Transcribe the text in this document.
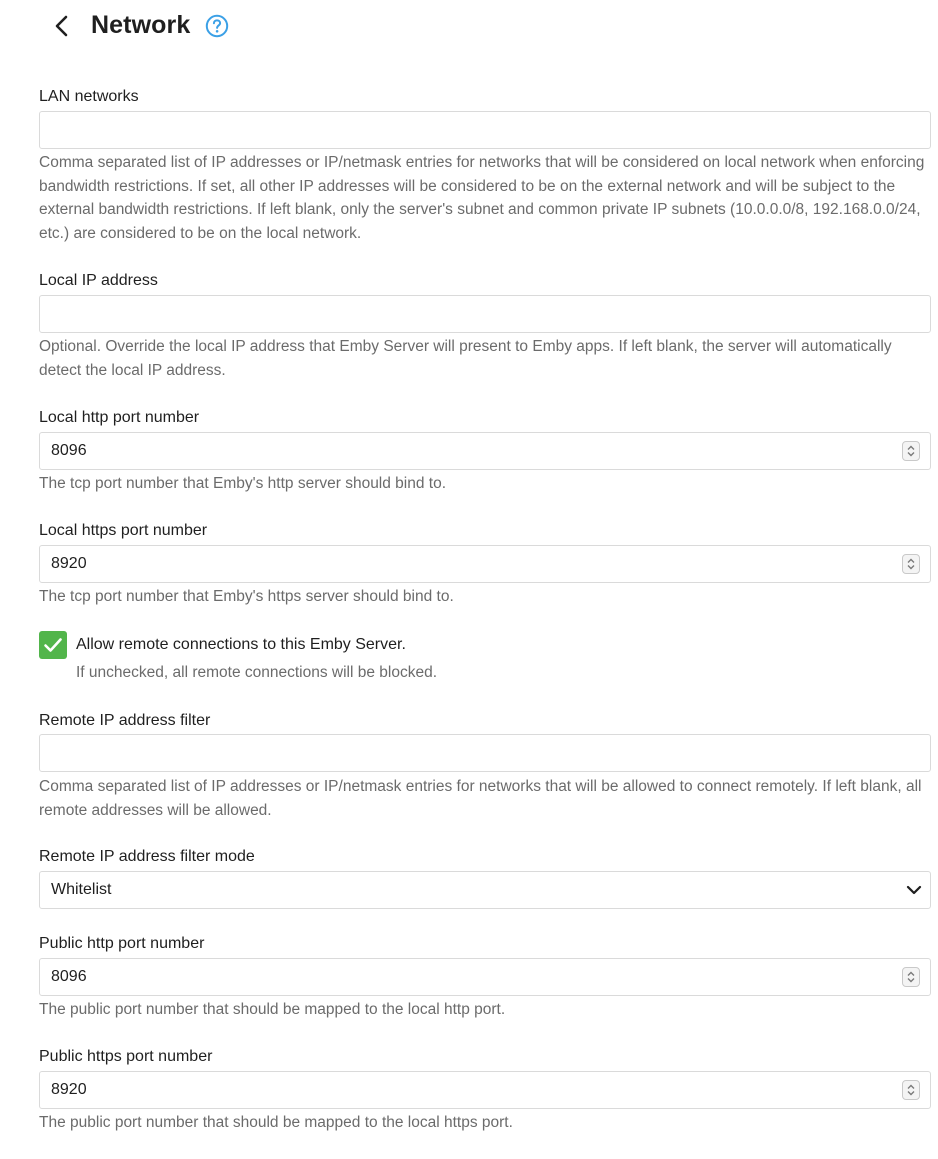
Network
LAN networks
Comma separated list of IP addresses or IP/netmask entries for networks that will be considered on local network when enforcing bandwidth restrictions. If set, all other IP addresses will be considered to be on the external network and will be subject to the external bandwidth restrictions. If left blank, only the server's subnet and common private IP subnets (10.0.0.0/8, 192.168.0.0/24, etc.) are considered to be on the local network.
Local IP address
Optional. Override the local IP address that Emby Server will present to Emby apps. If left blank, the server will automatically detect the local IP address.
Local http port number
8096
The tcp port number that Emby's http server should bind to.
Local https port number
8920
The tcp port number that Emby's https server should bind to.
Allow remote connections to this Emby Server.
If unchecked, all remote connections will be blocked.
Remote IP address filter
Comma separated list of IP addresses or IP/netmask entries for networks that will be allowed to connect remotely. If left blank, all remote addresses will be allowed.
Remote IP address filter mode
Whitelist
Public http port number
8096
The public port number that should be mapped to the local http port.
Public https port number
8920
The public port number that should be mapped to the local https port.
